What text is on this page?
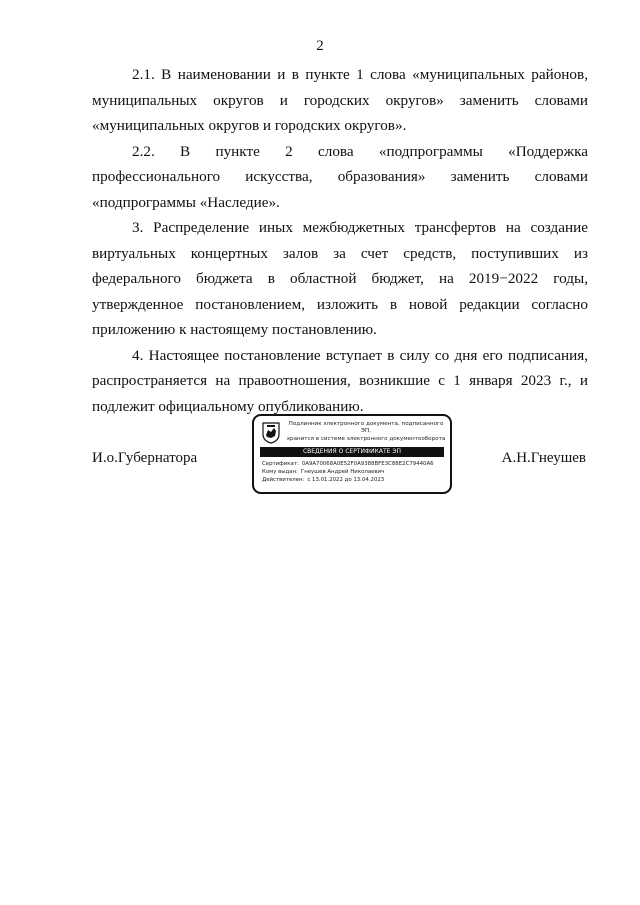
2

2.1. В наименовании и в пункте 1 слова «муниципальных районов, муниципальных округов и городских округов» заменить словами «муниципальных округов и городских округов».

2.2. В пункте 2 слова «подпрограммы «Поддержка профессионального искусства, образования» заменить словами «подпрограммы «Наследие».

3. Распределение иных межбюджетных трансфертов на создание виртуальных концертных залов за счет средств, поступивших из федерального бюджета в областной бюджет, на 2019−2022 годы, утвержденное постановлением, изложить в новой редакции согласно приложению к настоящему постановлению.

4. Настоящее постановление вступает в силу со дня его подписания, распространяется на правоотношения, возникшие с 1 января 2023 г., и подлежит официальному опубликованию.

И.о.Губернатора
Подлинник электронного документа, подписанного ЭП,
хранится в системе электронного документооборота
СВЕДЕНИЯ О СЕРТИФИКАТЕ ЭП
Сертификат: 0A9A70068A0E52F0A9388BFE3C88E2C79440A6
Кому выдан: Гнеушев Андрей Николаевич
Действителен: с 13.01.2022 до 13.04.2023
А.Н.Гнеушев
